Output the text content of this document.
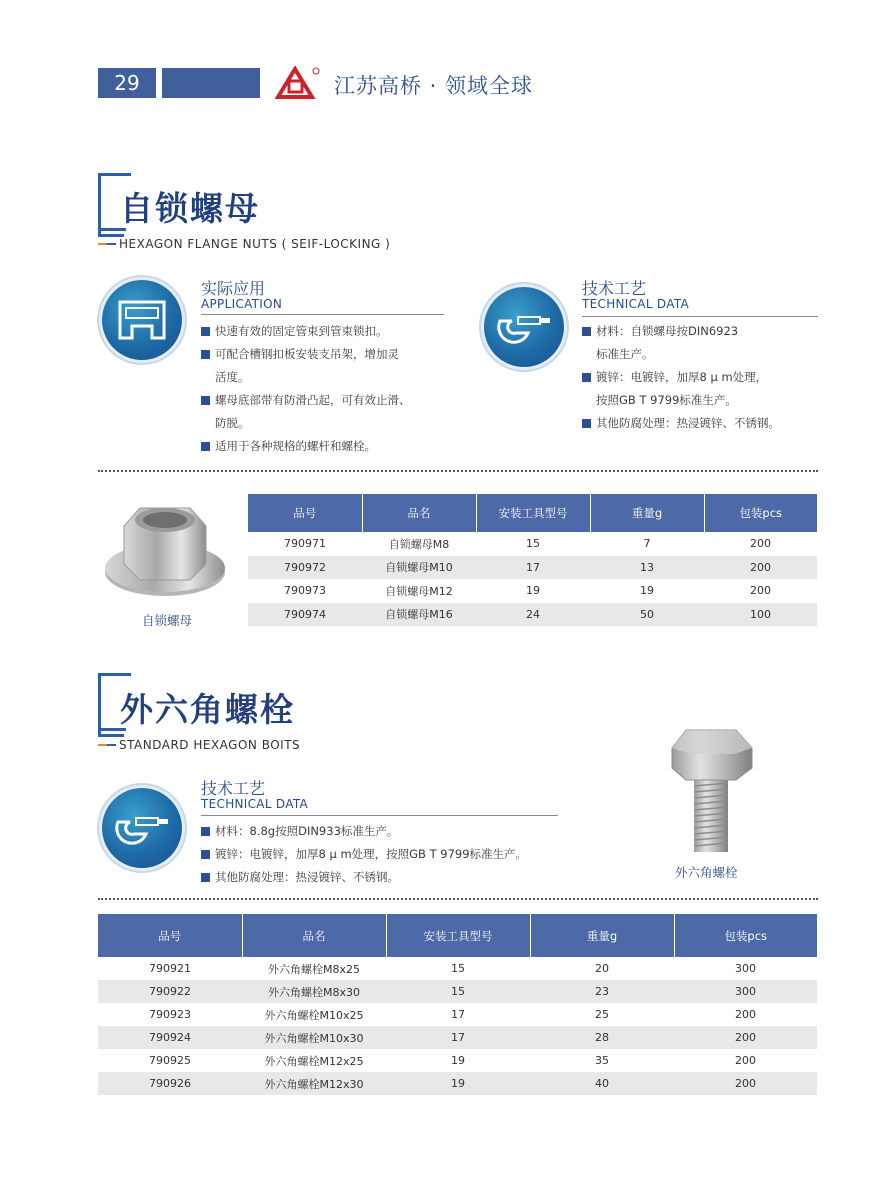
29	江苏高桥 · 领域全球
自锁螺母
HEXAGON FLANGE NUTS ( SEIF-LOCKING )
实际应用
APPLICATION
快速有效的固定管束到管束锁扣。
可配合槽钢扣板安装支吊架，增加灵
活度。
螺母底部带有防滑凸起，可有效止滑、
防脱。
适用于各种规格的螺杆和螺栓。
技术工艺
TECHNICAL DATA
材料：自锁螺母按DIN6923
标准生产。
镀锌：电镀锌，加厚8 μ m处理，
按照GB T 9799标准生产。
其他防腐处理：热浸镀锌、不锈钢。
自锁螺母
品号	品名	安装工具型号	重量g	包装pcs
790971	自锁螺母M8	15	7	200
790972	自锁螺母M10	17	13	200
790973	自锁螺母M12	19	19	200
790974	自锁螺母M16	24	50	100
外六角螺栓
STANDARD HEXAGON BOITS
技术工艺
TECHNICAL DATA
材料：8.8g按照DIN933标准生产。
镀锌：电镀锌，加厚8 μ m处理，按照GB T 9799标准生产。
其他防腐处理：热浸镀锌、不锈钢。	外六角螺栓
品号	品名	安装工具型号	重量g	包装pcs
790921	外六角螺栓M8x25	15	20	300
790922	外六角螺栓M8x30	15	23	300
790923	外六角螺栓M10x25	17	25	200
790924	外六角螺栓M10x30	17	28	200
790925	外六角螺栓M12x25	19	35	200
790926	外六角螺栓M12x30	19	40	200
